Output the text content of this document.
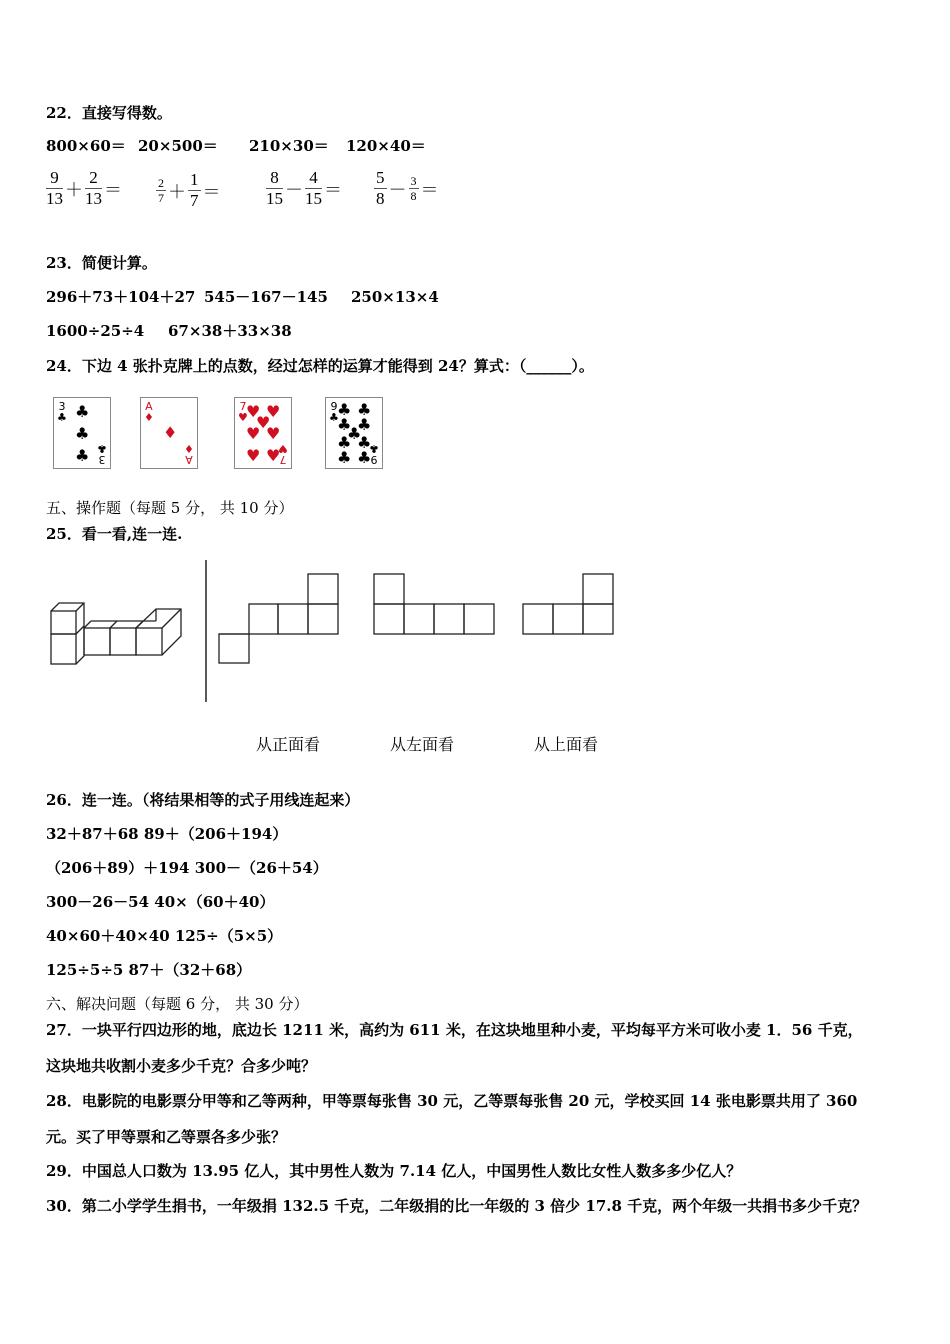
22．直接写得数。
800×60＝ 20×500＝ 210×30＝ 120×40＝
$\frac{9}{13} + \frac{2}{13}$ ＝	$\frac{2}{7} + \frac{1}{7}$ ＝	$\frac{8}{15} - \frac{4}{15} = \frac{5}{8} - \frac{3}{8}$ ＝
23．简便计算。
296＋73＋104＋27 545－167－145 250×13×4
1600÷25÷4 67×38＋33×38
24．下边 4 张扑克牌上的点数，经过怎样的运算才能得到 24？算式：（______）。
3
♣ ♣
♣
♣ 3
♣
A
♦
♦
A
♦
7
♥
♥ ♥
♥
♥ ♥
♥ ♥ 7
♥
9
♣
♣ ♣
♣ ♣
♣
♣ ♣
♣ ♣ 9
♣
五、操作题（每题 5 分， 共 10 分）
25．看一看,连一连.
从正面看	从左面看	从上面看
26．连一连。（将结果相等的式子用线连起来）
32＋87＋68 89＋（206＋194）
（206＋89）＋194 300－（26＋54）
300－26－54 40×（60＋40）
40×60＋40×40 125÷（5×5）
125÷5÷5 87＋（32＋68）
六、解决问题（每题 6 分， 共 30 分）
27．一块平行四边形的地，底边长 1211 米，高约为 611 米，在这块地里种小麦，平均每平方米可收小麦 1．56 千克，
这块地共收割小麦多少千克？合多少吨？
28．电影院的电影票分甲等和乙等两种，甲等票每张售 30 元，乙等票每张售 20 元，学校买回 14 张电影票共用了 360
元。买了甲等票和乙等票各多少张？
29．中国总人口数为 13.95 亿人，其中男性人数为 7.14 亿人，中国男性人数比女性人数多多少亿人？
30．第二小学学生捐书，一年级捐 132.5 千克，二年级捐的比一年级的 3 倍少 17.8 千克，两个年级一共捐书多少千克？
